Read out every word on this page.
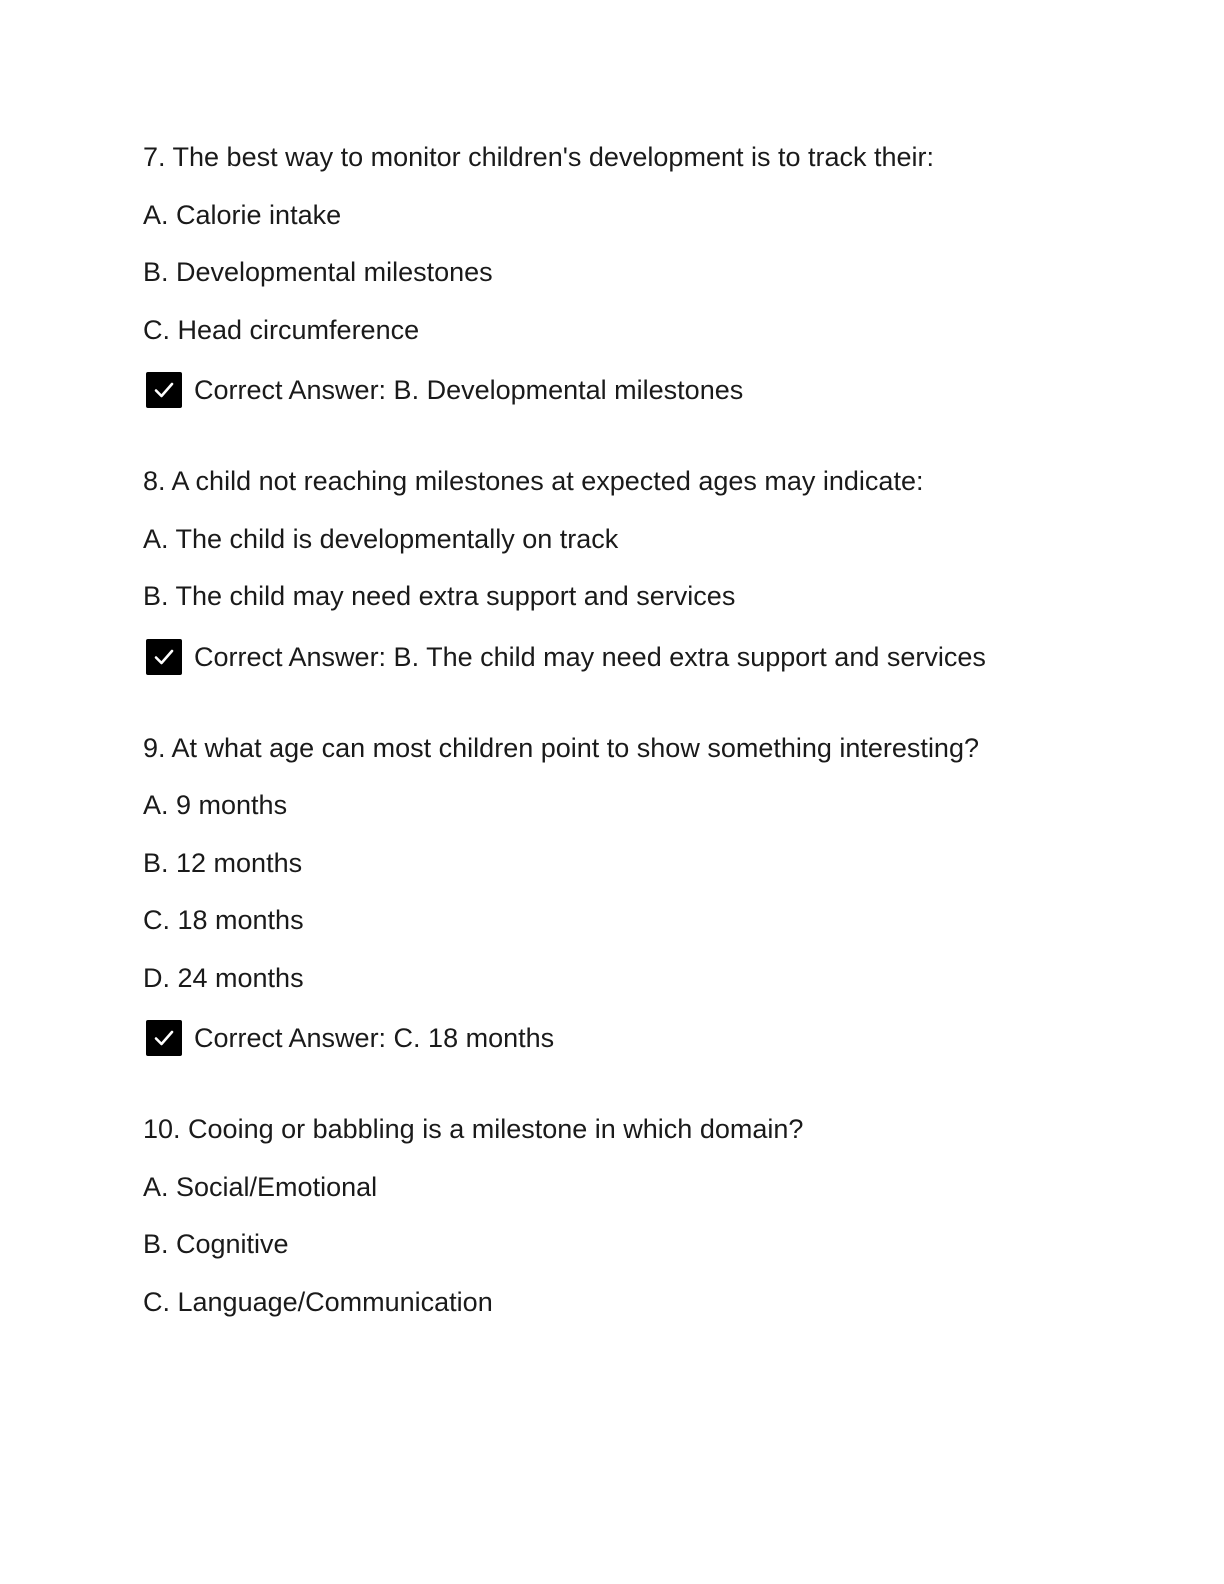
7. The best way to monitor children's development is to track their:
A. Calorie intake
B. Developmental milestones
C. Head circumference
Correct Answer: B. Developmental milestones
8. A child not reaching milestones at expected ages may indicate:
A. The child is developmentally on track
B. The child may need extra support and services
Correct Answer: B. The child may need extra support and services
9. At what age can most children point to show something interesting?
A. 9 months
B. 12 months
C. 18 months
D. 24 months
Correct Answer: C. 18 months
10. Cooing or babbling is a milestone in which domain?
A. Social/Emotional
B. Cognitive
C. Language/Communication
